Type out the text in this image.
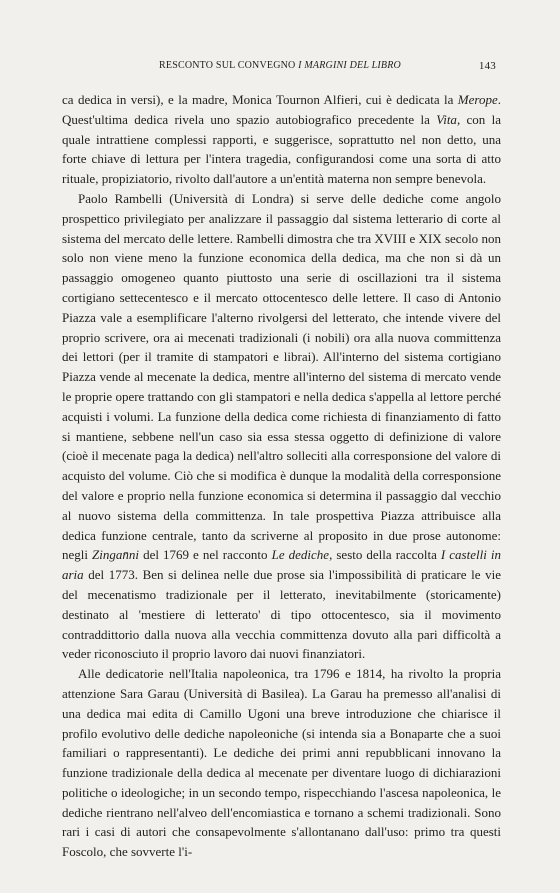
RESCONTO SUL CONVEGNO I MARGINI DEL LIBRO	143

ca dedica in versi), e la madre, Monica Tournon Alfieri, cui è dedicata la Merope. Quest'ultima dedica rivela uno spazio autobiografico precedente la Vita, con la quale intrattiene complessi rapporti, e suggerisce, soprattutto nel non detto, una forte chiave di lettura per l'intera tragedia, configurandosi come una sorta di atto rituale, propiziatorio, rivolto dall'autore a un'entità materna non sempre benevola.

Paolo Rambelli (Università di Londra) si serve delle dediche come angolo prospettico privilegiato per analizzare il passaggio dal sistema letterario di corte al sistema del mercato delle lettere. Rambelli dimostra che tra XVIII e XIX secolo non solo non viene meno la funzione economica della dedica, ma che non si dà un passaggio omogeneo quanto piuttosto una serie di oscillazioni tra il sistema cortigiano settecentesco e il mercato ottocentesco delle lettere. Il caso di Antonio Piazza vale a esemplificare l'alterno rivolgersi del letterato, che intende vivere del proprio scrivere, ora ai mecenati tradizionali (i nobili) ora alla nuova committenza dei lettori (per il tramite di stampatori e librai). All'interno del sistema cortigiano Piazza vende al mecenate la dedica, mentre all'interno del sistema di mercato vende le proprie opere trattando con gli stampatori e nella dedica s'appella al lettore perché acquisti i volumi. La funzione della dedica come richiesta di finanziamento di fatto si mantiene, sebbene nell'un caso sia essa stessa oggetto di definizione di valore (cioè il mecenate paga la dedica) nell'altro solleciti alla corresponsione del valore di acquisto del volume. Ciò che si modifica è dunque la modalità della corresponsione del valore e proprio nella funzione economica si determina il passaggio dal vecchio al nuovo sistema della committenza. In tale prospettiva Piazza attribuisce alla dedica funzione centrale, tanto da scriverne al proposito in due prose autonome: negli Zingan̄ni del 1769 e nel racconto Le dediche, sesto della raccolta I castelli in aria del 1773. Ben si delinea nelle due prose sia l'impossibilità di praticare le vie del mecenatismo tradizionale per il letterato, inevitabilmente (storicamente) destinato al 'mestiere di letterato' di tipo ottocentesco, sia il movimento contraddittorio dalla nuova alla vecchia committenza dovuto alla pari difficoltà a veder riconosciuto il proprio lavoro dai nuovi finanziatori.

Alle dedicatorie nell'Italia napoleonica, tra 1796 e 1814, ha rivolto la propria attenzione Sara Garau (Università di Basilea). La Garau ha premesso all'analisi di una dedica mai edita di Camillo Ugoni una breve introduzione che chiarisce il profilo evolutivo delle dediche napoleoniche (si intenda sia a Bonaparte che a suoi familiari o rappresentanti). Le dediche dei primi anni repubblicani innovano la funzione tradizionale della dedica al mecenate per diventare luogo di dichiarazioni politiche o ideologiche; in un secondo tempo, rispecchiando l'ascesa napoleonica, le dediche rientrano nell'alveo dell'encomiastica e tornano a schemi tradizionali. Sono rari i casi di autori che consapevolmente s'allontanano dall'uso: primo tra questi Foscolo, che sovverte l'i-
